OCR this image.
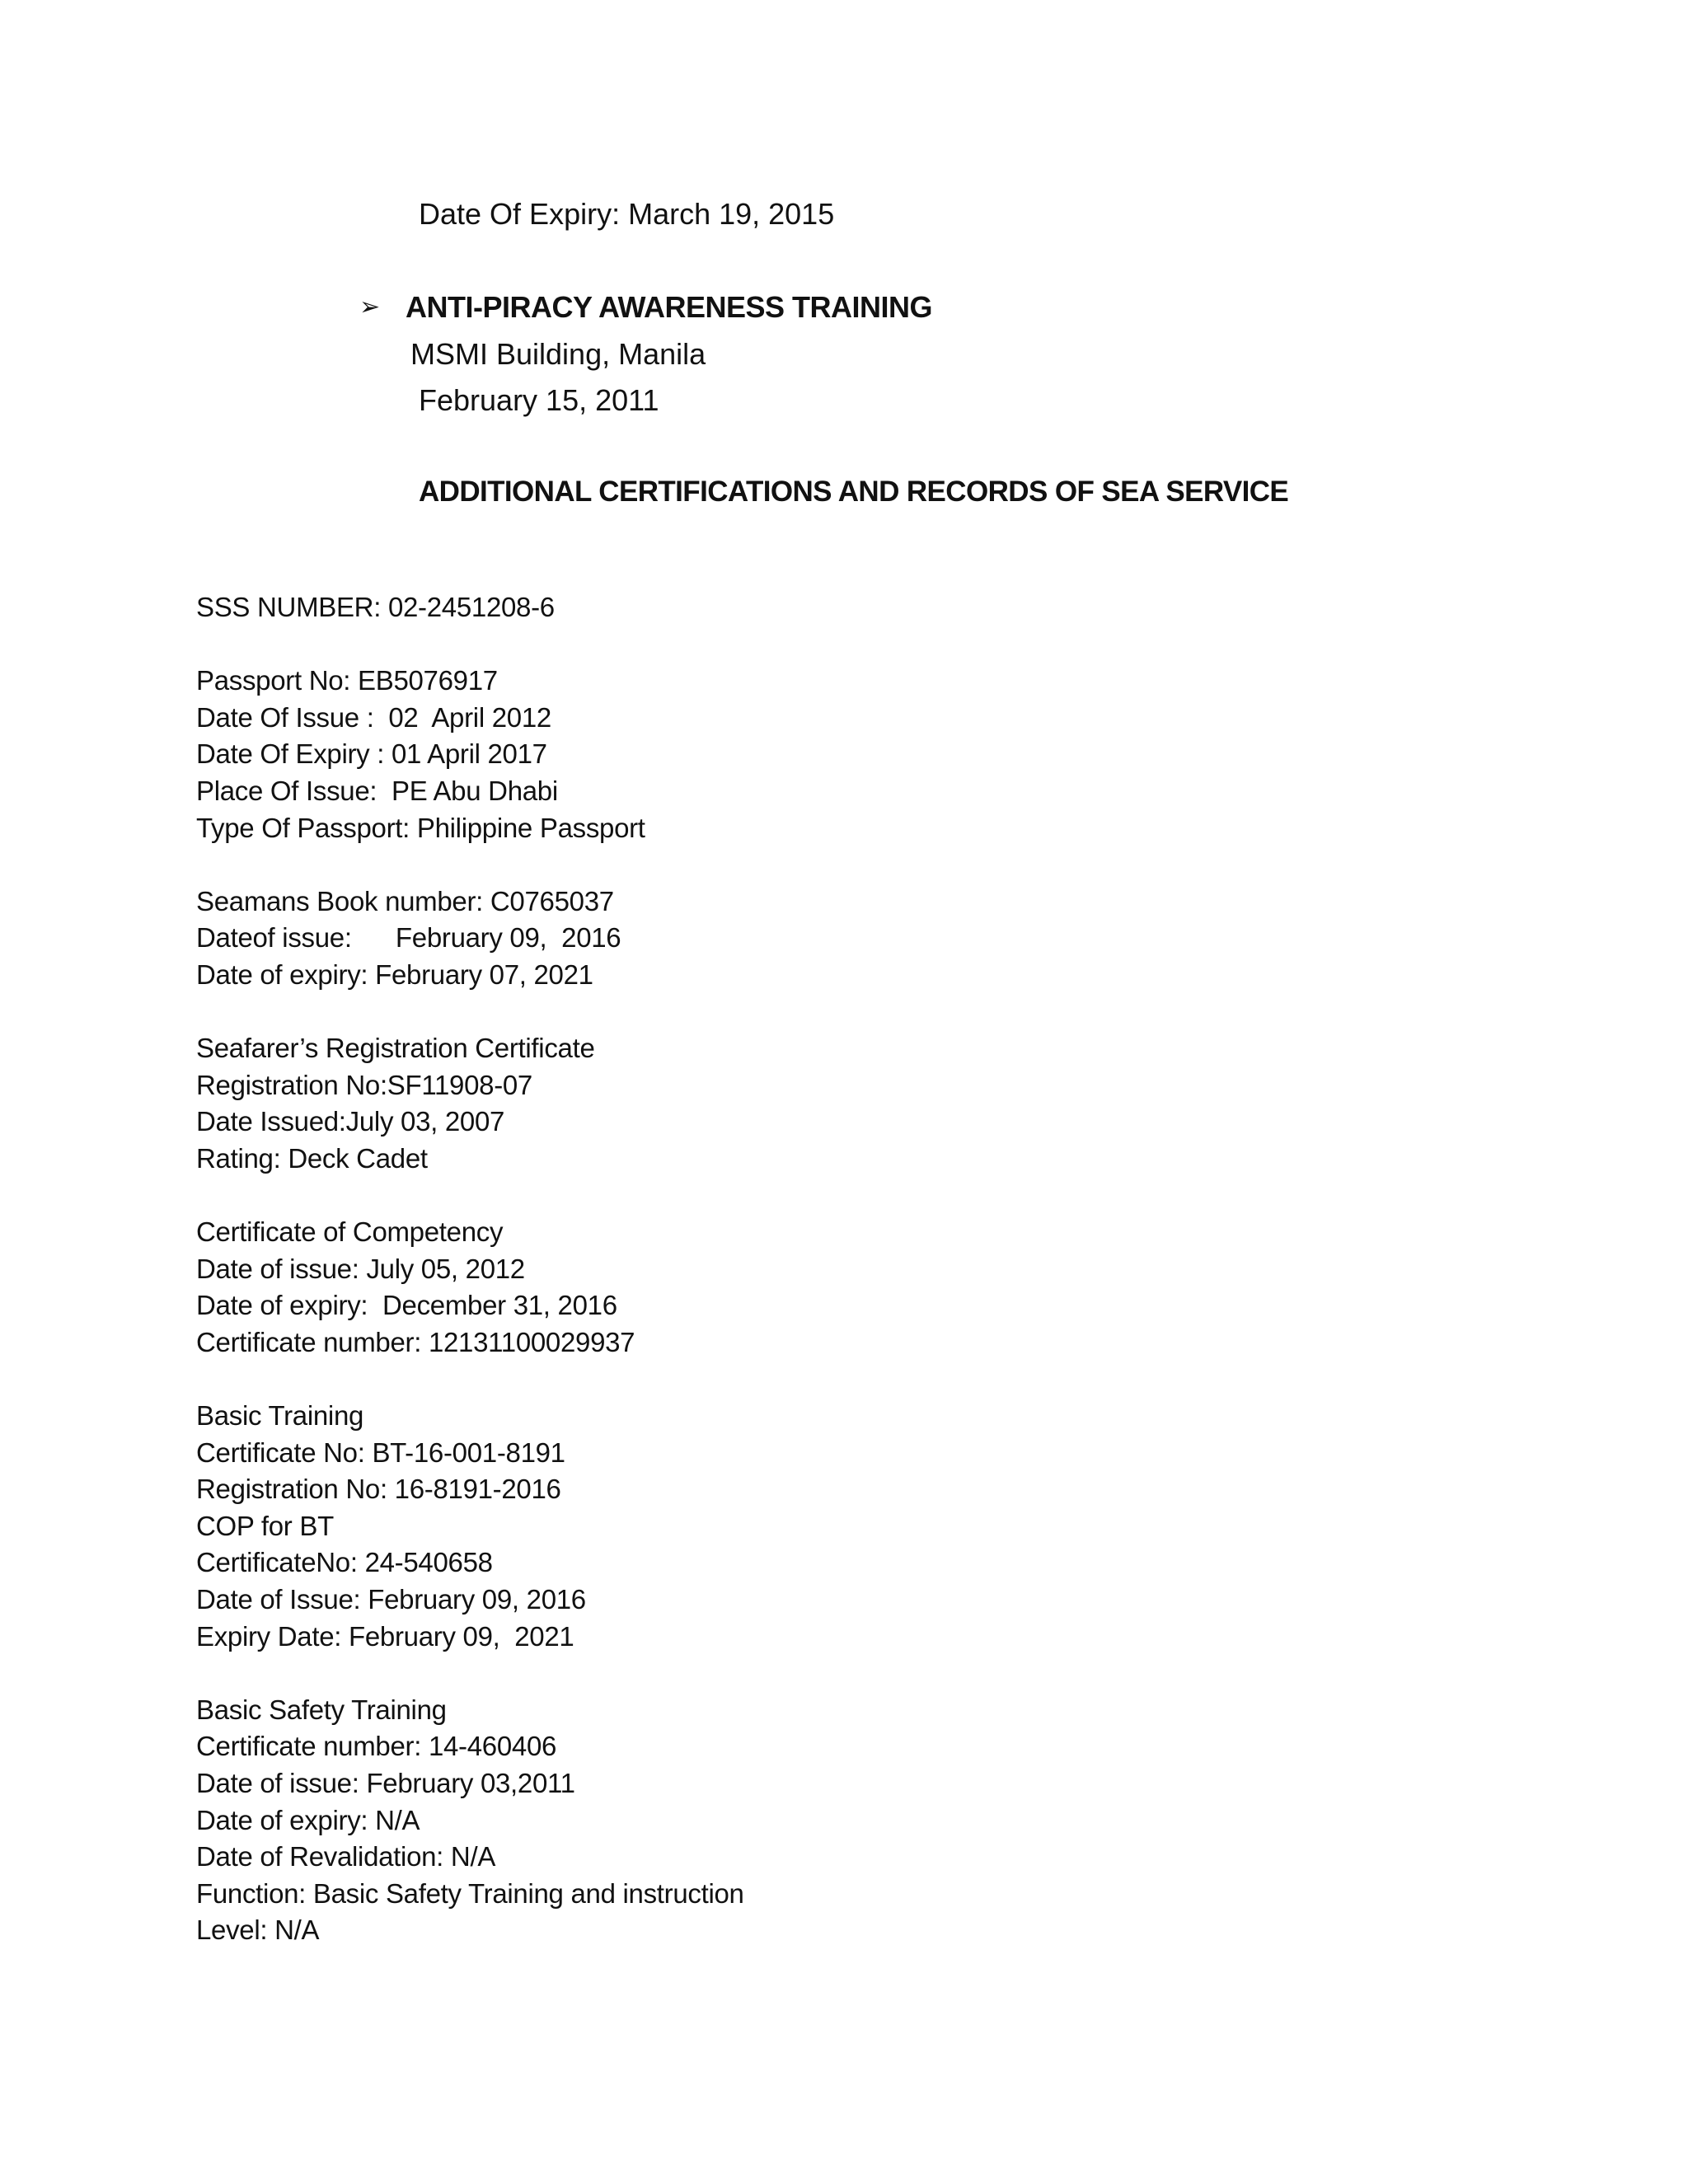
Date Of Expiry: March 19, 2015
➢ ANTI-PIRACY AWARENESS TRAINING
MSMI Building, Manila
February 15, 2011
ADDITIONAL CERTIFICATIONS AND RECORDS OF SEA SERVICE
SSS NUMBER: 02-2451208-6
Passport No: EB5076917
Date Of Issue :  02  April 2012
Date Of Expiry : 01 April 2017
Place Of Issue:  PE Abu Dhabi
Type Of Passport: Philippine Passport
Seamans Book number: C0765037
Dateof issue:      February 09,  2016
Date of expiry: February 07, 2021
Seafarer’s Registration Certificate
Registration No:SF11908-07
Date Issued:July 03, 2007
Rating: Deck Cadet
Certificate of Competency
Date of issue: July 05, 2012
Date of expiry:  December 31, 2016
Certificate number: 12131100029937
Basic Training
Certificate No: BT-16-001-8191
Registration No: 16-8191-2016
COP for BT
CertificateNo: 24-540658
Date of Issue: February 09, 2016
Expiry Date: February 09,  2021
Basic Safety Training
Certificate number: 14-460406
Date of issue: February 03,2011
Date of expiry: N/A
Date of Revalidation: N/A
Function: Basic Safety Training and instruction
Level: N/A
